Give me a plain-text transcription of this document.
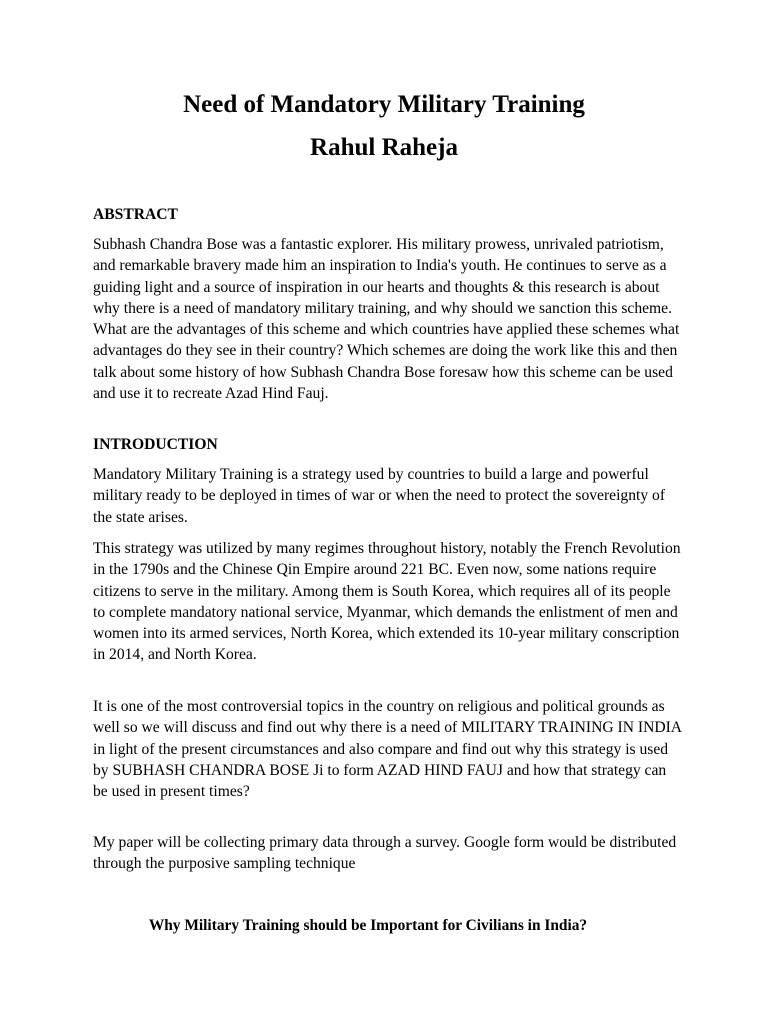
Need of Mandatory Military Training
Rahul Raheja
ABSTRACT

Subhash Chandra Bose was a fantastic explorer. His military prowess, unrivaled patriotism, and remarkable bravery made him an inspiration to India's youth. He continues to serve as a guiding light and a source of inspiration in our hearts and thoughts & this research is about why there is a need of mandatory military training, and why should we sanction this scheme. What are the advantages of this scheme and which countries have applied these schemes what advantages do they see in their country? Which schemes are doing the work like this and then talk about some history of how Subhash Chandra Bose foresaw how this scheme can be used and use it to recreate Azad Hind Fauj.

INTRODUCTION

Mandatory Military Training is a strategy used by countries to build a large and powerful military ready to be deployed in times of war or when the need to protect the sovereignty of the state arises.

This strategy was utilized by many regimes throughout history, notably the French Revolution in the 1790s and the Chinese Qin Empire around 221 BC. Even now, some nations require citizens to serve in the military. Among them is South Korea, which requires all of its people to complete mandatory national service, Myanmar, which demands the enlistment of men and women into its armed services, North Korea, which extended its 10-year military conscription in 2014, and North Korea.

It is one of the most controversial topics in the country on religious and political grounds as well so we will discuss and find out why there is a need of MILITARY TRAINING IN INDIA in light of the present circumstances and also compare and find out why this strategy is used by SUBHASH CHANDRA BOSE Ji to form AZAD HIND FAUJ and how that strategy can be used in present times?

My paper will be collecting primary data through a survey. Google form would be distributed through the purposive sampling technique

Why Military Training should be Important for Civilians in India?
